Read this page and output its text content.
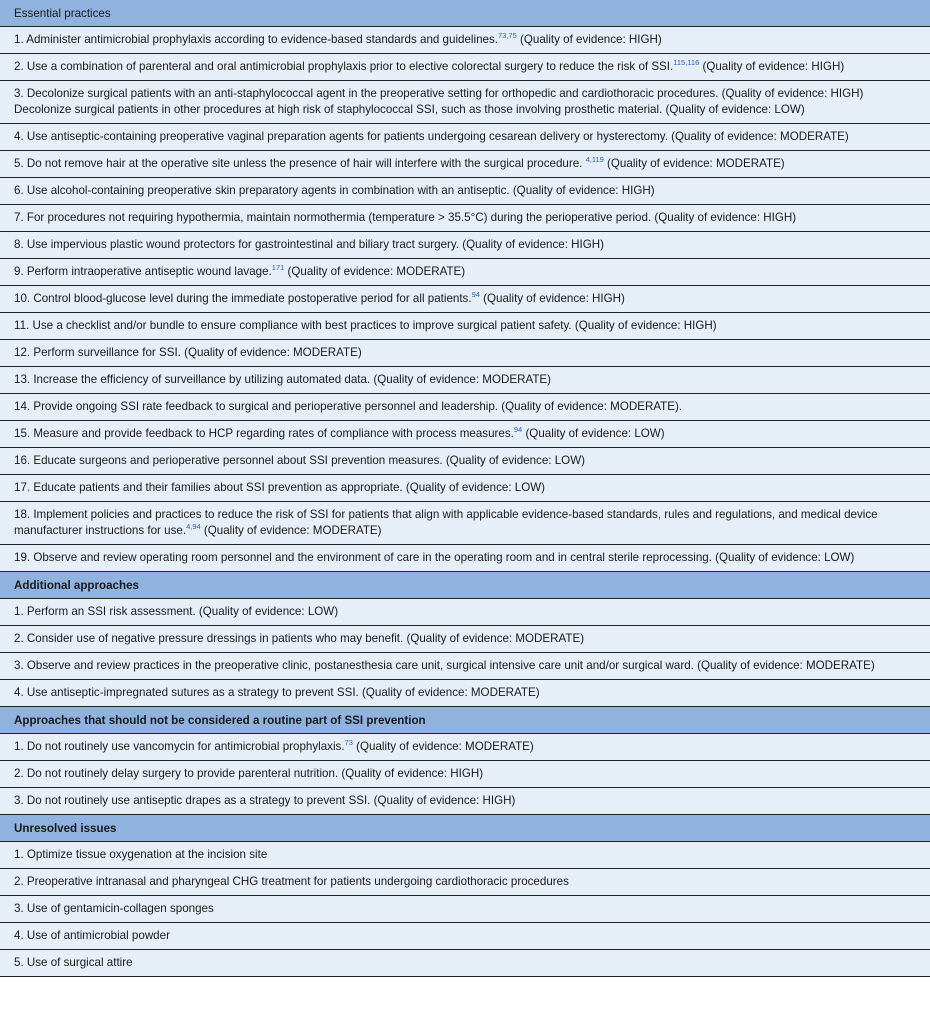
Essential practices
1. Administer antimicrobial prophylaxis according to evidence-based standards and guidelines.$^{73,75}$ (Quality of evidence: HIGH)
2. Use a combination of parenteral and oral antimicrobial prophylaxis prior to elective colorectal surgery to reduce the risk of SSI.$^{115,116}$ (Quality of evidence: HIGH)
3. Decolonize surgical patients with an anti-staphylococcal agent in the preoperative setting for orthopedic and cardiothoracic procedures. (Quality of evidence: HIGH)
Decolonize surgical patients in other procedures at high risk of staphylococcal SSI, such as those involving prosthetic material. (Quality of evidence: LOW)
4. Use antiseptic-containing preoperative vaginal preparation agents for patients undergoing cesarean delivery or hysterectomy. (Quality of evidence: MODERATE)
5. Do not remove hair at the operative site unless the presence of hair will interfere with the surgical procedure. $^{4,119}$ (Quality of evidence: MODERATE)
6. Use alcohol-containing preoperative skin preparatory agents in combination with an antiseptic. (Quality of evidence: HIGH)
7. For procedures not requiring hypothermia, maintain normothermia (temperature > 35.5°C) during the perioperative period. (Quality of evidence: HIGH)
8. Use impervious plastic wound protectors for gastrointestinal and biliary tract surgery. (Quality of evidence: HIGH)
9. Perform intraoperative antiseptic wound lavage.$^{171}$ (Quality of evidence: MODERATE)
10. Control blood-glucose level during the immediate postoperative period for all patients.$^{94}$ (Quality of evidence: HIGH)
11. Use a checklist and/or bundle to ensure compliance with best practices to improve surgical patient safety. (Quality of evidence: HIGH)
12. Perform surveillance for SSI. (Quality of evidence: MODERATE)
13. Increase the efficiency of surveillance by utilizing automated data. (Quality of evidence: MODERATE)
14. Provide ongoing SSI rate feedback to surgical and perioperative personnel and leadership. (Quality of evidence: MODERATE).
15. Measure and provide feedback to HCP regarding rates of compliance with process measures.$^{94}$ (Quality of evidence: LOW)
16. Educate surgeons and perioperative personnel about SSI prevention measures. (Quality of evidence: LOW)
17. Educate patients and their families about SSI prevention as appropriate. (Quality of evidence: LOW)
18. Implement policies and practices to reduce the risk of SSI for patients that align with applicable evidence-based standards, rules and regulations, and medical device manufacturer instructions for use.$^{4,94}$ (Quality of evidence: MODERATE)
19. Observe and review operating room personnel and the environment of care in the operating room and in central sterile reprocessing. (Quality of evidence: LOW)
Additional approaches
1. Perform an SSI risk assessment. (Quality of evidence: LOW)
2. Consider use of negative pressure dressings in patients who may benefit. (Quality of evidence: MODERATE)
3. Observe and review practices in the preoperative clinic, postanesthesia care unit, surgical intensive care unit and/or surgical ward. (Quality of evidence: MODERATE)
4. Use antiseptic-impregnated sutures as a strategy to prevent SSI. (Quality of evidence: MODERATE)
Approaches that should not be considered a routine part of SSI prevention
1. Do not routinely use vancomycin for antimicrobial prophylaxis.$^{73}$ (Quality of evidence: MODERATE)
2. Do not routinely delay surgery to provide parenteral nutrition. (Quality of evidence: HIGH)
3. Do not routinely use antiseptic drapes as a strategy to prevent SSI. (Quality of evidence: HIGH)
Unresolved issues
1. Optimize tissue oxygenation at the incision site
2. Preoperative intranasal and pharyngeal CHG treatment for patients undergoing cardiothoracic procedures
3. Use of gentamicin-collagen sponges
4. Use of antimicrobial powder
5. Use of surgical attire
